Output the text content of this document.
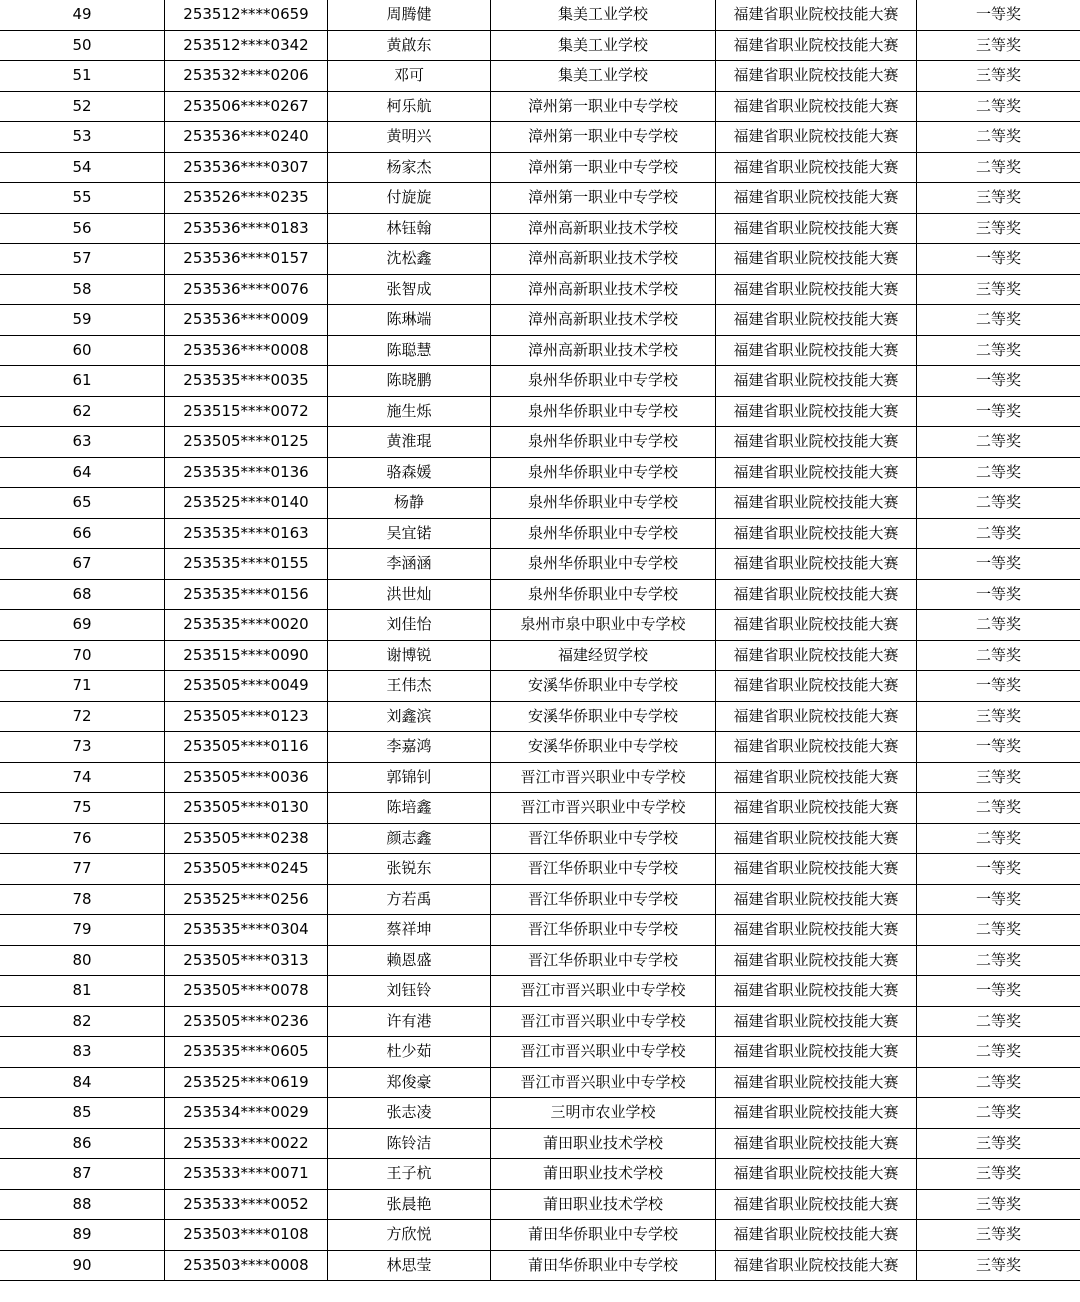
49	253512****0659	周腾健	集美工业学校	福建省职业院校技能大赛	一等奖
50	253512****0342	黄啟东	集美工业学校	福建省职业院校技能大赛	三等奖
51	253532****0206	邓可	集美工业学校	福建省职业院校技能大赛	三等奖
52	253506****0267	柯乐航	漳州第一职业中专学校	福建省职业院校技能大赛	二等奖
53	253536****0240	黄明兴	漳州第一职业中专学校	福建省职业院校技能大赛	二等奖
54	253536****0307	杨家杰	漳州第一职业中专学校	福建省职业院校技能大赛	二等奖
55	253526****0235	付旋旋	漳州第一职业中专学校	福建省职业院校技能大赛	三等奖
56	253536****0183	林钰翰	漳州高新职业技术学校	福建省职业院校技能大赛	三等奖
57	253536****0157	沈松鑫	漳州高新职业技术学校	福建省职业院校技能大赛	一等奖
58	253536****0076	张智成	漳州高新职业技术学校	福建省职业院校技能大赛	三等奖
59	253536****0009	陈琳端	漳州高新职业技术学校	福建省职业院校技能大赛	二等奖
60	253536****0008	陈聪慧	漳州高新职业技术学校	福建省职业院校技能大赛	二等奖
61	253535****0035	陈晓鹏	泉州华侨职业中专学校	福建省职业院校技能大赛	一等奖
62	253515****0072	施生烁	泉州华侨职业中专学校	福建省职业院校技能大赛	一等奖
63	253505****0125	黄淮琨	泉州华侨职业中专学校	福建省职业院校技能大赛	二等奖
64	253535****0136	骆森媛	泉州华侨职业中专学校	福建省职业院校技能大赛	二等奖
65	253525****0140	杨静	泉州华侨职业中专学校	福建省职业院校技能大赛	二等奖
66	253535****0163	吴宜锘	泉州华侨职业中专学校	福建省职业院校技能大赛	二等奖
67	253535****0155	李涵涵	泉州华侨职业中专学校	福建省职业院校技能大赛	一等奖
68	253535****0156	洪世灿	泉州华侨职业中专学校	福建省职业院校技能大赛	一等奖
69	253535****0020	刘佳怡	泉州市泉中职业中专学校	福建省职业院校技能大赛	二等奖
70	253515****0090	谢博锐	福建经贸学校	福建省职业院校技能大赛	二等奖
71	253505****0049	王伟杰	安溪华侨职业中专学校	福建省职业院校技能大赛	一等奖
72	253505****0123	刘鑫滨	安溪华侨职业中专学校	福建省职业院校技能大赛	三等奖
73	253505****0116	李嘉鸿	安溪华侨职业中专学校	福建省职业院校技能大赛	一等奖
74	253505****0036	郭锦钊	晋江市晋兴职业中专学校	福建省职业院校技能大赛	三等奖
75	253505****0130	陈培鑫	晋江市晋兴职业中专学校	福建省职业院校技能大赛	二等奖
76	253505****0238	颜志鑫	晋江华侨职业中专学校	福建省职业院校技能大赛	二等奖
77	253505****0245	张锐东	晋江华侨职业中专学校	福建省职业院校技能大赛	一等奖
78	253525****0256	方若禹	晋江华侨职业中专学校	福建省职业院校技能大赛	一等奖
79	253535****0304	蔡祥坤	晋江华侨职业中专学校	福建省职业院校技能大赛	二等奖
80	253505****0313	赖恩盛	晋江华侨职业中专学校	福建省职业院校技能大赛	二等奖
81	253505****0078	刘钰铃	晋江市晋兴职业中专学校	福建省职业院校技能大赛	一等奖
82	253505****0236	许有港	晋江市晋兴职业中专学校	福建省职业院校技能大赛	二等奖
83	253535****0605	杜少茹	晋江市晋兴职业中专学校	福建省职业院校技能大赛	二等奖
84	253525****0619	郑俊豪	晋江市晋兴职业中专学校	福建省职业院校技能大赛	二等奖
85	253534****0029	张志凌	三明市农业学校	福建省职业院校技能大赛	二等奖
86	253533****0022	陈铃洁	莆田职业技术学校	福建省职业院校技能大赛	三等奖
87	253533****0071	王子杭	莆田职业技术学校	福建省职业院校技能大赛	三等奖
88	253533****0052	张晨艳	莆田职业技术学校	福建省职业院校技能大赛	三等奖
89	253503****0108	方欣悦	莆田华侨职业中专学校	福建省职业院校技能大赛	三等奖
90	253503****0008	林思莹	莆田华侨职业中专学校	福建省职业院校技能大赛	三等奖
